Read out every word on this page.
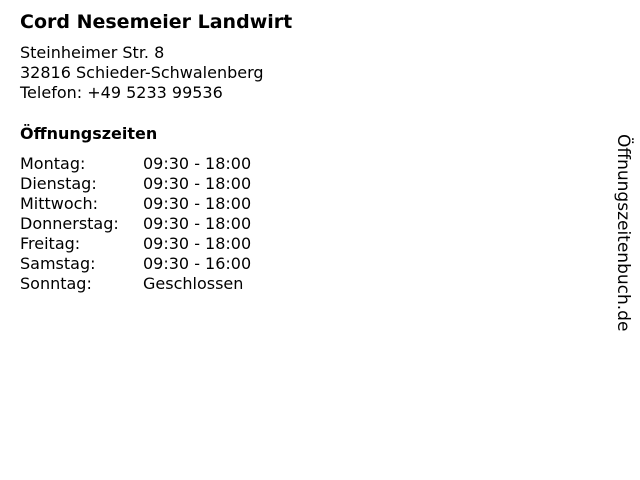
Cord Nesemeier Landwirt
Steinheimer Str. 8
32816 Schieder-Schwalenberg
Telefon: +49 5233 99536
Öffnungszeiten
Montag:	09:30 - 18:00
Dienstag:	09:30 - 18:00
Mittwoch:	09:30 - 18:00
Donnerstag:	09:30 - 18:00
Freitag:	09:30 - 18:00
Samstag:	09:30 - 16:00
Sonntag:	Geschlossen	Öffnungszeitenbuch.de
